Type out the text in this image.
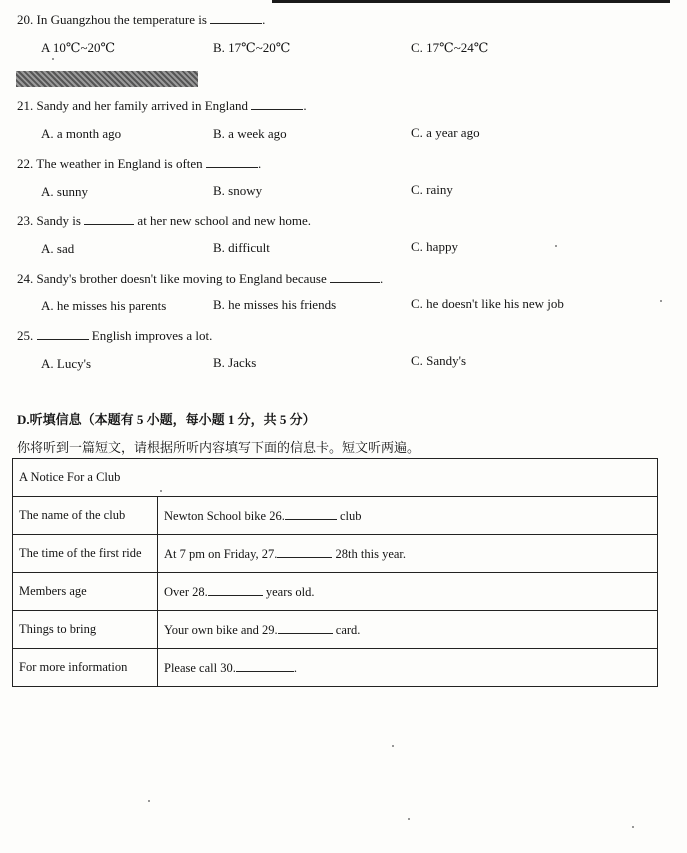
20. In Guangzhou the temperature is	.
A 10℃~20℃	B. 17℃~20℃	C. 17℃~24℃
21. Sandy and her family arrived in England	.
A. a month ago	B. a week ago	C. a year ago
22. The weather in England is often	.
A. sunny	B. snowy	C. rainy
23. Sandy is	at her new school and new home.
A. sad	B. difficult	C. happy
24. Sandy's brother doesn't like moving to England because	.
A. he misses his parents	B. he misses his friends	C. he doesn't like his new job
25.	English improves a lot.
A. Lucy's	B. Jacks	C. Sandy's
D.听填信息（本题有 5 小题，每小题 1 分，共 5 分）
你将听到一篇短文，请根据所听内容填写下面的信息卡。短文听两遍。
A Notice For a Club	
The name of the club	Newton School bike 26. club
The time of the first ride	At 7 pm on Friday, 27. 28th this year.
Members age	Over 28. years old.
Things to bring	Your own bike and 29. card.
For more information	Please call 30. .
